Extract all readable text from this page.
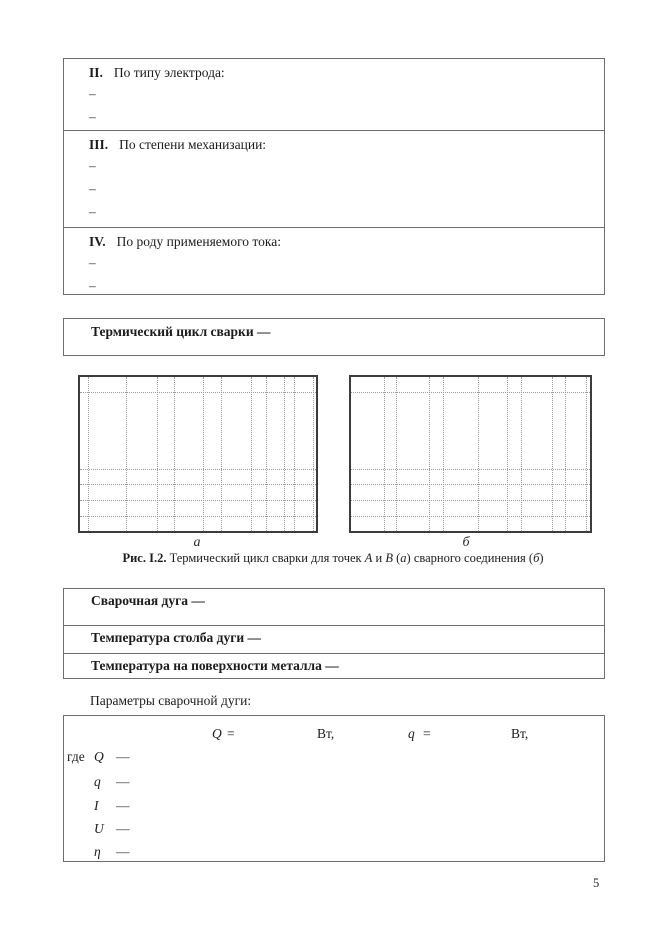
II. По типу электрода:
–
–
III. По степени механизации:
–
–
–
IV. По роду применяемого тока:
–
–
Термический цикл сварки —
а	б
Рис. I.2. Термический цикл сварки для точек А и В (а) сварного соединения (б)
Сварочная дуга —
Температура столба дуги —
Температура на поверхности металла —
Параметры сварочной дуги:
Q =	Вт,	q =	Вт,
где Q —
q —
I —
U —
η —
5
